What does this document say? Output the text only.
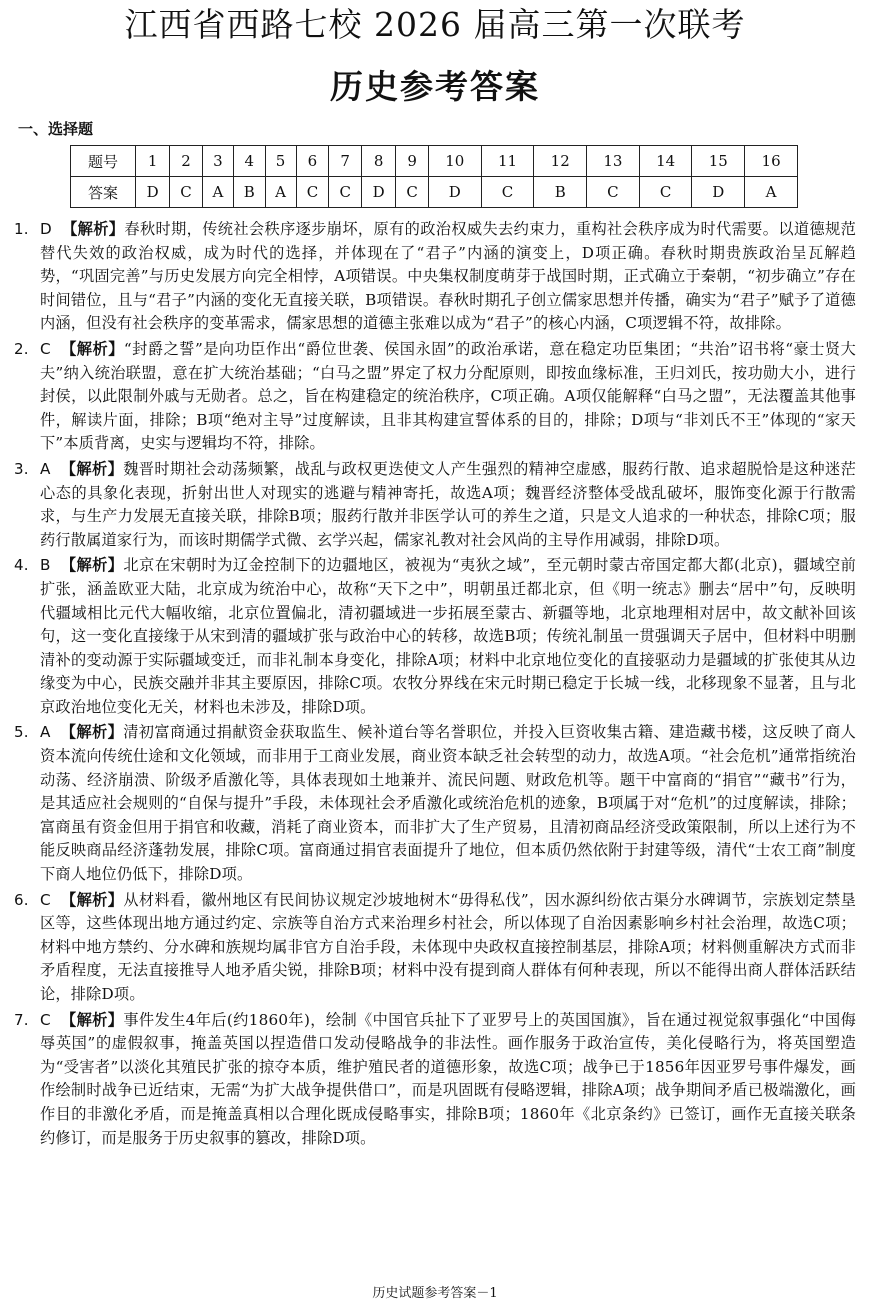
江西省西路七校 2026 届高三第一次联考
历史参考答案
一、选择题
题号	1	2	3	4	5	6	7	8	9	10	11	12	13	14	15	16
答案	D	C	A	B	A	C	C	D	C	D	C	B	C	C	D	A
1. D 【解析】春秋时期，传统社会秩序逐步崩坏，原有的政治权威失去约束力，重构社会秩序成为时代需要。以道德规范替代失效的政治权威，成为时代的选择，并体现在了“君子”内涵的演变上，D项正确。春秋时期贵族政治呈瓦解趋势，“巩固完善”与历史发展方向完全相悖，A项错误。中央集权制度萌芽于战国时期，正式确立于秦朝，“初步确立”存在时间错位，且与“君子”内涵的变化无直接关联，B项错误。春秋时期孔子创立儒家思想并传播，确实为“君子”赋予了道德内涵，但没有社会秩序的变革需求，儒家思想的道德主张难以成为“君子”的核心内涵，C项逻辑不符，故排除。
2. C 【解析】“封爵之誓”是向功臣作出“爵位世袭、侯国永固”的政治承诺，意在稳定功臣集团；“共治”诏书将“豪士贤大夫”纳入统治联盟，意在扩大统治基础；“白马之盟”界定了权力分配原则，即按血缘标准，王归刘氏，按功勋大小，进行封侯，以此限制外戚与无勋者。总之，旨在构建稳定的统治秩序，C项正确。A项仅能解释“白马之盟”，无法覆盖其他事件，解读片面，排除；B项“绝对主导”过度解读，且非其构建宣誓体系的目的，排除；D项与“非刘氏不王”体现的“家天下”本质背离，史实与逻辑均不符，排除。
3. A 【解析】魏晋时期社会动荡频繁，战乱与政权更迭使文人产生强烈的精神空虚感，服药行散、追求超脱恰是这种迷茫心态的具象化表现，折射出世人对现实的逃避与精神寄托，故选A项；魏晋经济整体受战乱破坏，服饰变化源于行散需求，与生产力发展无直接关联，排除B项；服药行散并非医学认可的养生之道，只是文人追求的一种状态，排除C项；服药行散属道家行为，而该时期儒学式微、玄学兴起，儒家礼教对社会风尚的主导作用减弱，排除D项。
4. B 【解析】北京在宋朝时为辽金控制下的边疆地区，被视为“夷狄之域”，至元朝时蒙古帝国定都大都(北京)，疆域空前扩张，涵盖欧亚大陆，北京成为统治中心，故称“天下之中”，明朝虽迁都北京，但《明一统志》删去“居中”句，反映明代疆域相比元代大幅收缩，北京位置偏北，清初疆域进一步拓展至蒙古、新疆等地，北京地理相对居中，故文献补回该句，这一变化直接缘于从宋到清的疆域扩张与政治中心的转移，故选B项；传统礼制虽一贯强调天子居中，但材料中明删清补的变动源于实际疆域变迁，而非礼制本身变化，排除A项；材料中北京地位变化的直接驱动力是疆域的扩张使其从边缘变为中心，民族交融并非其主要原因，排除C项。农牧分界线在宋元时期已稳定于长城一线，北移现象不显著，且与北京政治地位变化无关，材料也未涉及，排除D项。
5. A 【解析】清初富商通过捐献资金获取监生、候补道台等名誉职位，并投入巨资收集古籍、建造藏书楼，这反映了商人资本流向传统仕途和文化领域，而非用于工商业发展，商业资本缺乏社会转型的动力，故选A项。“社会危机”通常指统治动荡、经济崩溃、阶级矛盾激化等，具体表现如土地兼并、流民问题、财政危机等。题干中富商的“捐官”“藏书”行为，是其适应社会规则的“自保与提升”手段，未体现社会矛盾激化或统治危机的迹象，B项属于对“危机”的过度解读，排除；富商虽有资金但用于捐官和收藏，消耗了商业资本，而非扩大了生产贸易，且清初商品经济受政策限制，所以上述行为不能反映商品经济蓬勃发展，排除C项。富商通过捐官表面提升了地位，但本质仍然依附于封建等级，清代“士农工商”制度下商人地位仍低下，排除D项。
6. C 【解析】从材料看，徽州地区有民间协议规定沙坡地树木“毋得私伐”，因水源纠纷依古渠分水碑调节，宗族划定禁垦区等，这些体现出地方通过约定、宗族等自治方式来治理乡村社会，所以体现了自治因素影响乡村社会治理，故选C项；材料中地方禁约、分水碑和族规均属非官方自治手段，未体现中央政权直接控制基层，排除A项；材料侧重解决方式而非矛盾程度，无法直接推导人地矛盾尖锐，排除B项；材料中没有提到商人群体有何种表现，所以不能得出商人群体活跃结论，排除D项。
7. C 【解析】事件发生4年后(约1860年)，绘制《中国官兵扯下了亚罗号上的英国国旗》，旨在通过视觉叙事强化“中国侮辱英国”的虚假叙事，掩盖英国以捏造借口发动侵略战争的非法性。画作服务于政治宣传，美化侵略行为，将英国塑造为“受害者”以淡化其殖民扩张的掠夺本质，维护殖民者的道德形象，故选C项；战争已于1856年因亚罗号事件爆发，画作绘制时战争已近结束，无需“为扩大战争提供借口”，而是巩固既有侵略逻辑，排除A项；战争期间矛盾已极端激化，画作目的非激化矛盾，而是掩盖真相以合理化既成侵略事实，排除B项；1860年《北京条约》已签订，画作无直接关联条约修订，而是服务于历史叙事的篡改，排除D项。
历史试题参考答案－1
